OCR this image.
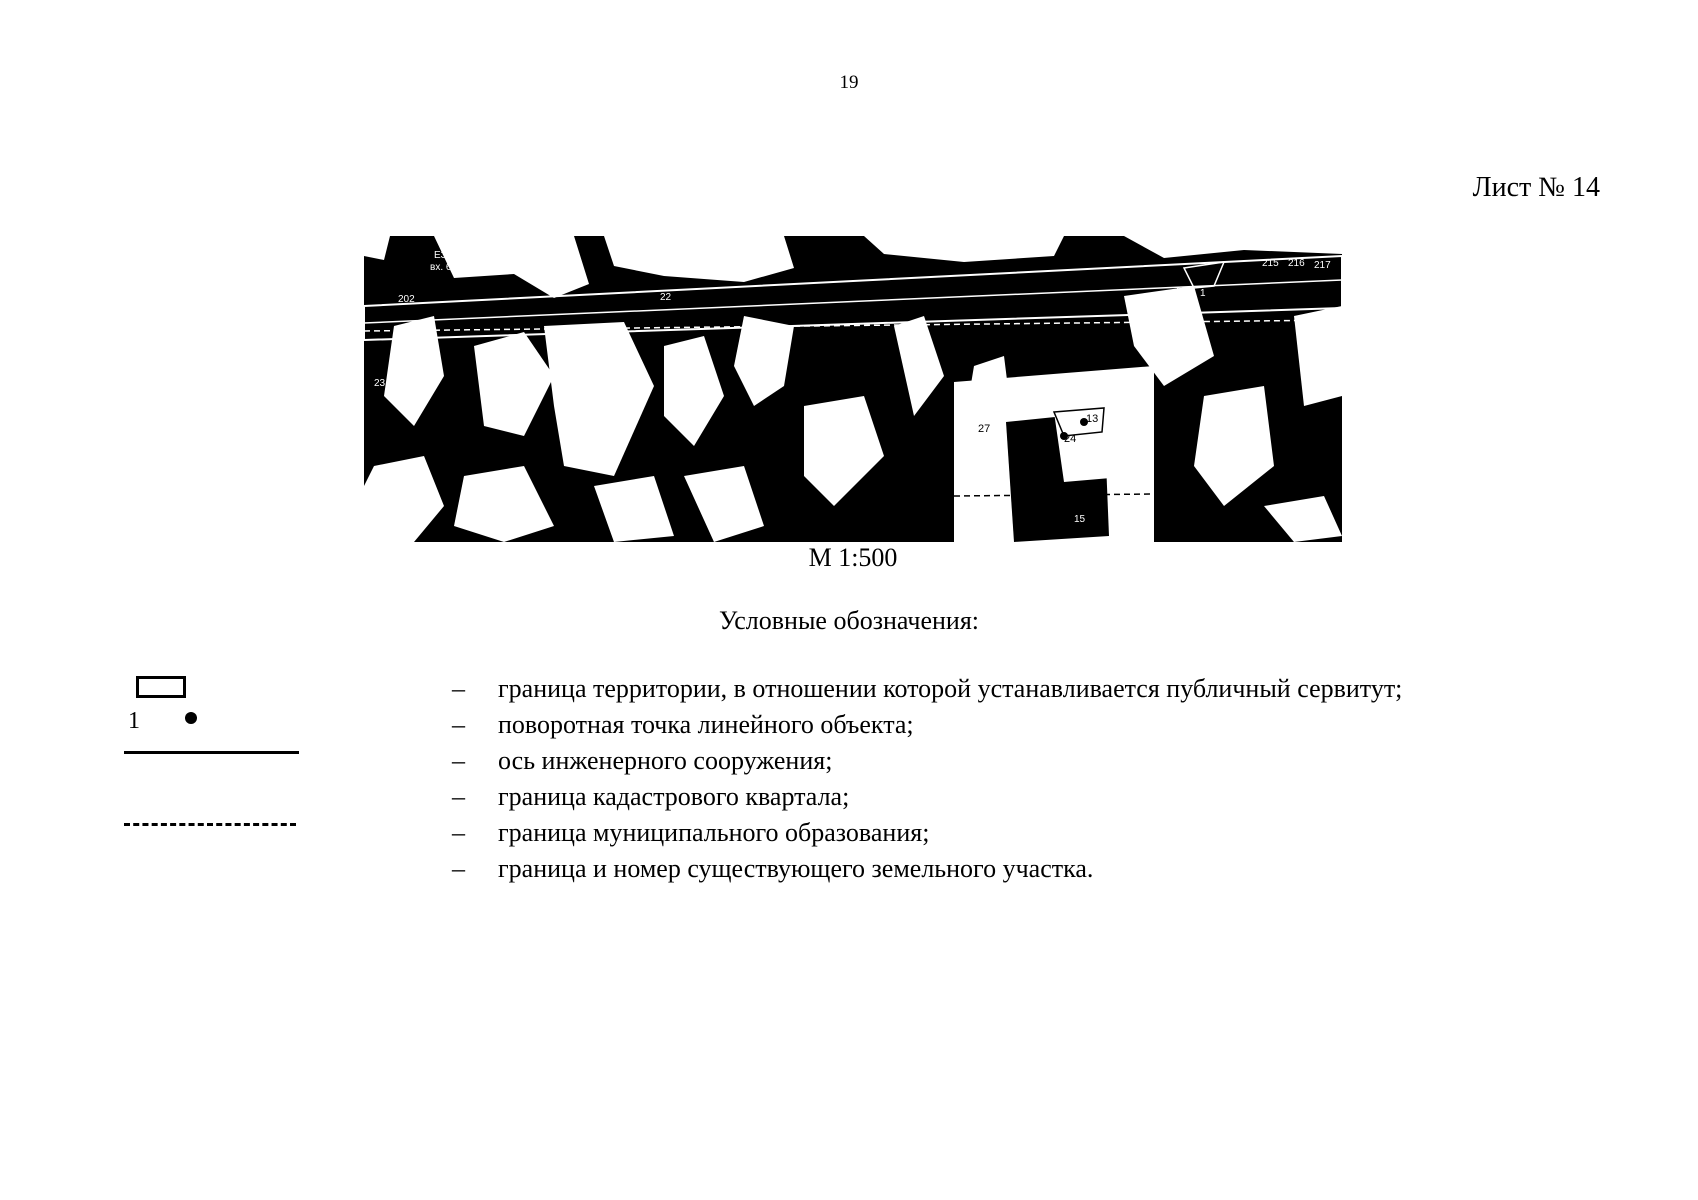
19
Лист № 14
ЕЗП 61:15 0000000:424
вх. 61:15 0602701:5
61:04 0040301
202
21
23
22
215 216 217
1
14
13
24
4
15
16
27
17
М 1:500
Условные обозначения:
1
– граница территории, в отношении которой устанавливается публичный сервитут;
– поворотная точка линейного объекта;
– ось инженерного сооружения;
– граница кадастрового квартала;
– граница муниципального образования;
– граница и номер существующего земельного участка.
